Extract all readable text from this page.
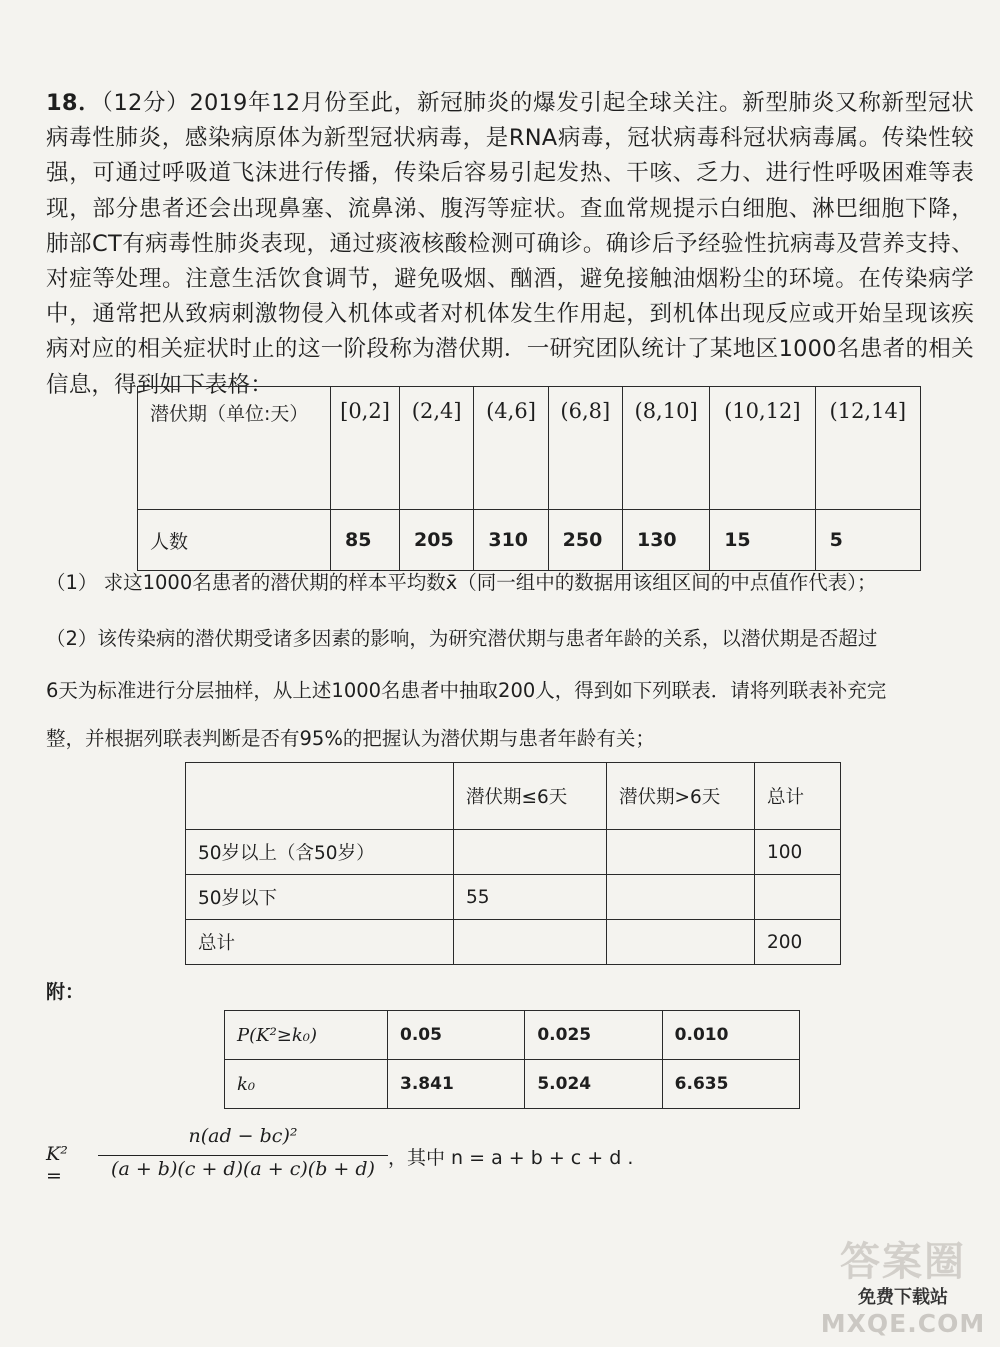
18．（12分）2019年12月份至此，新冠肺炎的爆发引起全球关注。新型肺炎又称新型冠状病毒性肺炎，感染病原体为新型冠状病毒，是RNA病毒，冠状病毒科冠状病毒属。传染性较强，可通过呼吸道飞沫进行传播，传染后容易引起发热、干咳、乏力、进行性呼吸困难等表现，部分患者还会出现鼻塞、流鼻涕、腹泻等症状。查血常规提示白细胞、淋巴细胞下降，肺部CT有病毒性肺炎表现，通过痰液核酸检测可确诊。确诊后予经验性抗病毒及营养支持、对症等处理。注意生活饮食调节，避免吸烟、酗酒，避免接触油烟粉尘的环境。在传染病学中，通常把从致病刺激物侵入机体或者对机体发生作用起，到机体出现反应或开始呈现该疾病对应的相关症状时止的这一阶段称为潜伏期．一研究团队统计了某地区1000名患者的相关信息，得到如下表格：
潜伏期（单位:天）	[0,2]	(2,4]	(4,6]	(6,8]	(8,10]	(10,12]	(12,14]
人数	85	205	310	250	130	15	5
（1） 求这1000名患者的潜伏期的样本平均数x̄（同一组中的数据用该组区间的中点值作代表）；
（2）该传染病的潜伏期受诸多因素的影响，为研究潜伏期与患者年龄的关系，以潜伏期是否超过
6天为标准进行分层抽样，从上述1000名患者中抽取200人，得到如下列联表．请将列联表补充完
整，并根据列联表判断是否有95%的把握认为潜伏期与患者年龄有关；
	潜伏期≤6天	潜伏期>6天	总计
50岁以上（含50岁）			100
50岁以下	55		
总计			200
附：
P(K²≥k₀)	0.05	0.025	0.010
k₀	3.841	5.024	6.635
K² =
n(ad − bc)²
(a + b)(c + d)(a + c)(b + d) ，其中 n = a + b + c + d .
答案圈
免费下载站
MXQE.COM
